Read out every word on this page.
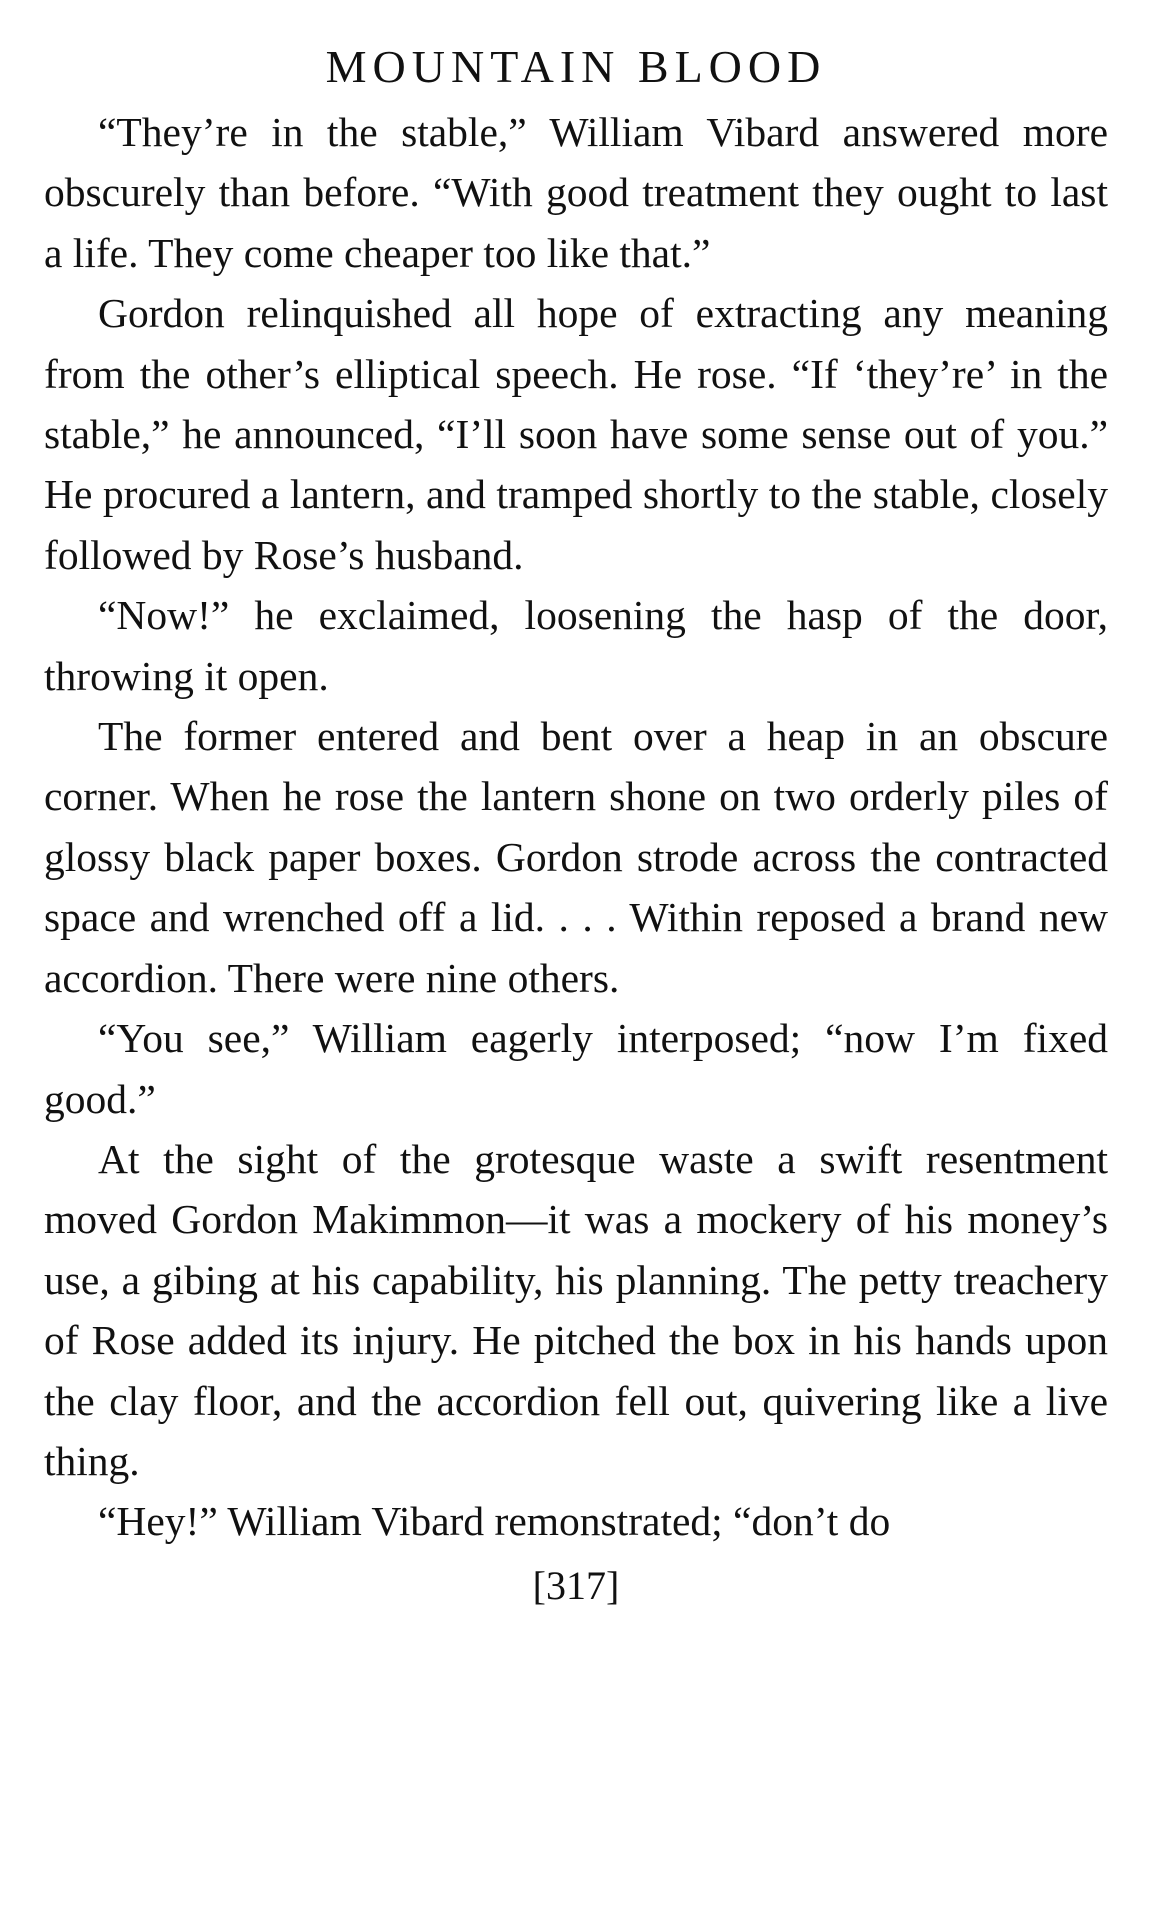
MOUNTAIN BLOOD

“They’re in the stable,” William Vibard answered more obscurely than before. “With good treatment they ought to last a life. They come cheaper too like that.”

Gordon relinquished all hope of extracting any meaning from the other’s elliptical speech. He rose. “If ‘they’re’ in the stable,” he announced, “I’ll soon have some sense out of you.” He procured a lantern, and tramped shortly to the stable, closely followed by Rose’s husband.

“Now!” he exclaimed, loosening the hasp of the door, throwing it open.

The former entered and bent over a heap in an obscure corner. When he rose the lantern shone on two orderly piles of glossy black paper boxes. Gordon strode across the contracted space and wrenched off a lid. . . . Within reposed a brand new accordion. There were nine others.

“You see,” William eagerly interposed; “now I’m fixed good.”

At the sight of the grotesque waste a swift resentment moved Gordon Makimmon—it was a mockery of his money’s use, a gibing at his capability, his planning. The petty treachery of Rose added its injury. He pitched the box in his hands upon the clay floor, and the accordion fell out, quivering like a live thing.

“Hey!” William Vibard remonstrated; “don’t do

[317]
